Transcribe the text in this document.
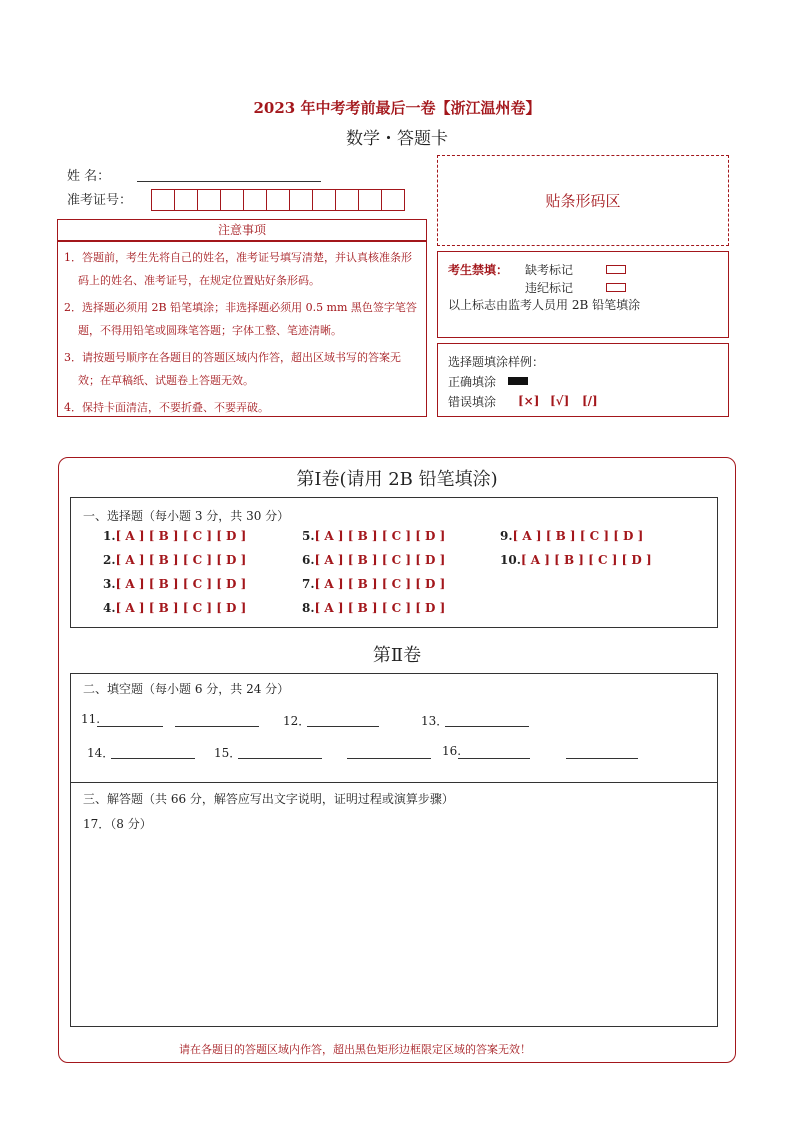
2023 年中考考前最后一卷【浙江温州卷】
数学・答题卡
姓 名：
准考证号：	贴条形码区
注意事项

1．答题前，考生先将自己的姓名，准考证号填写清楚，并认真核准条形码上的姓名、准考证号，在规定位置贴好条形码。

2．选择题必须用 2B 铅笔填涂；非选择题必须用 0.5 mm 黑色签字笔答题，不得用铅笔或圆珠笔答题；字体工整、笔迹清晰。

3．请按题号顺序在各题目的答题区域内作答，超出区域书写的答案无效；在草稿纸、试题卷上答题无效。

4．保持卡面清洁，不要折叠、不要弄破。

考生禁填： 缺考标记
违纪标记
以上标志由监考人员用 2B 铅笔填涂
选择题填涂样例：
正确填涂
错误填涂 [×] [√] [/]
第Ⅰ卷(请用 2B 铅笔填涂)
一、选择题（每小题 3 分，共 30 分）
1.[ A ] [ B ] [ C ] [ D ]
2.[ A ] [ B ] [ C ] [ D ]
3.[ A ] [ B ] [ C ] [ D ]
4.[ A ] [ B ] [ C ] [ D ]
5.[ A ] [ B ] [ C ] [ D ]
6.[ A ] [ B ] [ C ] [ D ]
7.[ A ] [ B ] [ C ] [ D ]
8.[ A ] [ B ] [ C ] [ D ]
9.[ A ] [ B ] [ C ] [ D ]
10.[ A ] [ B ] [ C ] [ D ]
第Ⅱ卷
二、填空题（每小题 6 分，共 24 分）
11.	12．	13．
14．	15．	16.
三、解答题（共 66 分，解答应写出文字说明，证明过程或演算步骤）
17．（8 分）
请在各题目的答题区域内作答，超出黑色矩形边框限定区域的答案无效！
